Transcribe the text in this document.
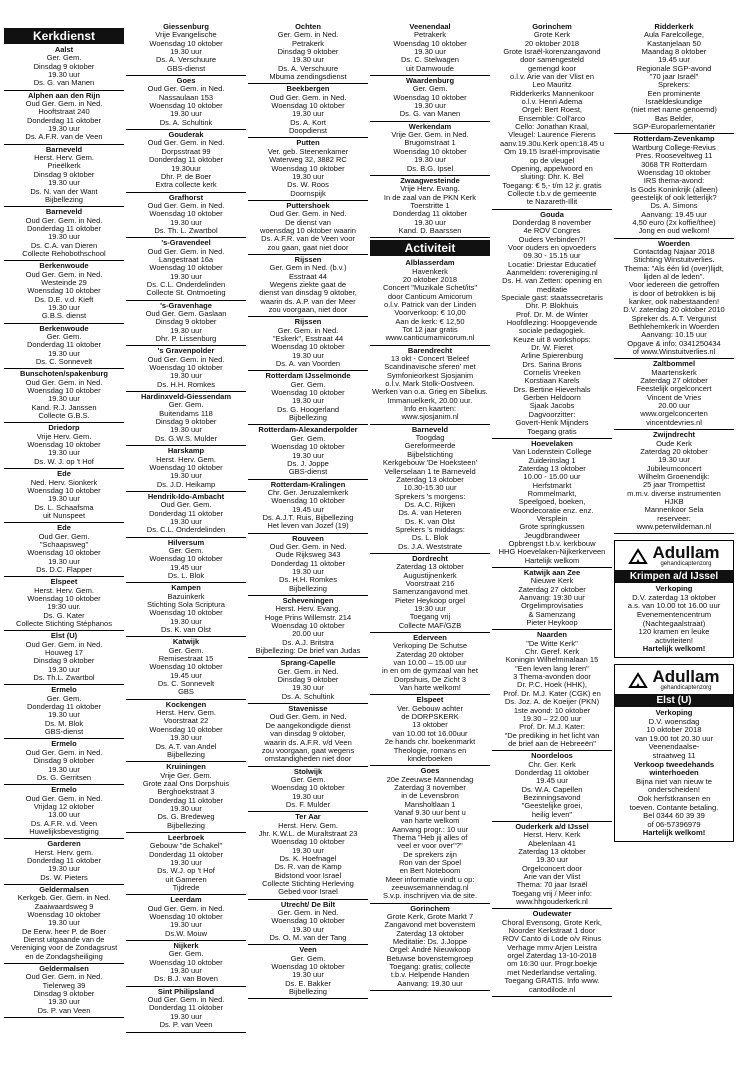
Kerkdienst
Aalst
Ger. Gem.
Dinsdag 9 oktober
19.30 uur
Ds. G. van Manen
Alphen aan den Rijn
Oud Ger. Gem. in Ned.
Hooftstraat 240
Donderdag 11 oktober
19.30 uur
Ds. A.F.R. van de Veen
Barneveld
Herst. Herv. Gem.
Prieëlkerk
Dinsdag 9 oktober
19.30 uur
Ds. N. van der Want
Bijbellezing
Barneveld
Oud Ger. Gem. in Ned.
Donderdag 11 oktober
19.30 uur
Ds. C.A. van Dieren
Collecte Rehobothschool
Berkenwoude
Oud Ger. Gem. in Ned.
Westeinde 29
Woensdag 10 oktober
Ds. D.E. v.d. Kieft
19.30 uur
G.B.S. dienst
Berkenwoude
Ger. Gem.
Donderdag 11 oktober
19.30 uur
Ds. C. Sonnevelt
Bunschoten/spakenburg
Oud Ger. Gem. in Ned.
Woensdag 10 oktober
19.30 uur
Kand. R.J. Janssen
Collecte G.B.S.
Driedorp
Vrije Herv. Gem.
Woensdag 10 oktober
19.30 uur
Ds. W. J. op 't Hof
Ede
Ned. Herv. Sionkerk
Woensdag 10 oktober
19.30 uur
Ds. L. Schaafsma
uit Nunspeet
Ede
Oud Ger. Gem.
"Schaapsweg"
Woensdag 10 oktober
19.30 uur
Ds. D.C. Flapper
Elspeet
Herst. Herv. Gem.
Woensdag 10 oktober
19:30 uur.
Ds. G. Kater
Collecte Stichting Stéphanos
Elst (U)
Oud Ger. Gem. in Ned.
Houweg 17
Dinsdag 9 oktober
19.30 uur
Ds. Th.L. Zwartbol
Ermelo
Ger. Gem.
Donderdag 11 oktober
19.30 uur
Ds. M. Blok
GBS-dienst
Ermelo
Oud Ger. Gem. in Ned.
Dinsdag 9 oktober
19.30 uur
Ds. G. Gerritsen
Ermelo
Oud Ger. Gem. in Ned.
Vrijdag 12 oktober
13.00 uur
Ds. A.F.R. v.d. Veen
Huwelijksbevestiging
Garderen
Herst. Herv. gem.
Donderdag 11 oktober
19.30 uur
Ds. W. Pieters
Geldermalsen
Kerkgeb. Ger. Gem. in Ned.
Zaaiwaardsweg 9
Woensdag 10 oktober
19.30 uur
De Eerw. heer P. de Boer
Dienst uitgaande van de
Vereniging voor de Zondagsrust
en de Zondagsheiliging
Geldermalsen
Oud Ger. Gem. in Ned.
Tielerweg 39
Dinsdag 9 oktober
19.30 uur
Ds. P. van Veen
Giessenburg
Vrije Evangelische
Woensdag 10 oktober
19.30 uur
Ds. A. Verschuure
GBS-dienst
Goes
Oud Ger. Gem. in Ned.
Nassaulaan 153
Woensdag 10 oktober
19.30 uur
Ds. A. Schultink
Gouderak
Oud Ger. Gem. in Ned.
Dorpsstraat 99
Donderdag 11 oktober
19.30uur
Dhr. P. de Boer
Extra collecte kerk
Grafhorst
Oud Ger. Gem. in Ned.
Woensdag 10 oktober
19.30 uur
Ds. Th. L. Zwartbol
's-Gravendeel
Oud Ger. Gem. in Ned.
Langestraat 16a
Woensdag 10 oktober
19.30 uur
Ds. C.L. Onderdelinden
Collecte St. Ontmoeting
's-Gravenhage
Oud Ger. Gem. Gaslaan
Dinsdag 9 oktober
19.30 uur
Dhr. P. Lissenburg
's Gravenpolder
Oud Ger. Gem. in Ned.
Woensdag 10 oktober
19.30 uur
Ds. H.H. Romkes
Hardinxveld-Giessendam
Ger. Gem.
Buitendams 118
Dinsdag 9 oktober
19.30 uur
Ds. G.W.S. Mulder
Harskamp
Herst. Herv. Gem.
Woensdag 10 oktober
19.30 uur
Ds. J.D. Heikamp
Hendrik-Ido-Ambacht
Oud Ger. Gem.
Donderdag 11 oktober
19.30 uur
Ds. C.L. Onderdelinden
Hilversum
Ger. Gem.
Woensdag 10 oktober
19.45 uur
Ds. L. Blok
Kampen
Bazuinkerk
Stichting Sola Scriptura
Woensdag 10 oktober
19.30 uur
Ds. K. van Olst
Katwijk
Ger. Gem.
Remisestraat 15
Woensdag 10 oktober
19.45 uur
Ds. C. Sonnevelt
GBS
Kockengen
Herst. Herv. Gem.
Voorstraat 22
Woensdag 10 oktober
19.30 uur
Ds. A.T. van Andel
Bijbellezing
Kruiningen
Vrije Ger. Gem.
Grote zaal Ons Dorpshuis
Berghoekstraat 3
Donderdag 11 oktober
19.30 uur
Ds. G. Bredeweg
Bijbellezing
Leerbroek
Gebouw "de Schakel"
Donderdag 11 oktober
19.30 uur
Ds. W.J. op 't Hof
uit Gameren
Tijdrede
Leerdam
Oud Ger. Gem. in Ned.
Woensdag 10 oktober
19.30 uur
Ds.W. Mouw
Nijkerk
Ger. Gem.
Woensdag 10 oktober
19.30 uur
Ds. B.J. van Boven
Sint Philipsland
Oud Ger. Gem. in Ned.
Donderdag 11 oktober
19.30 uur
Ds. P. van Veen
Ochten
Ger. Gem. in Ned.
Petrakerk
Dinsdag 9 oktober
19.30 uur
Ds. A. Verschuure
Mbuma zendingsdienst
Beekbergen
Oud Ger. Gem. in Ned.
Woensdag 10 oktober
19.30 uur
Ds. A. Kort
Doopdienst
Putten
Ver. geb. Steenenkamer
Waterweg 32, 3882 RC
Woensdag 10 oktober
19.30 uur
Ds. W. Roos
Doornspijk
Puttershoek
Oud Ger. Gem. in Ned.
De dienst van
woensdag 10 oktober waarin
Ds. A.F.R. van de Veen voor
zou gaan, gaat niet door
Rijssen
Ger. Gem in Ned. (b.v.)
Esstraat 44
Wegens ziekte gaat de
dienst van dinsdag 9 oktober,
waarin ds. A.P. van der Meer
zou voorgaan, niet door
Rijssen
Ger. Gem. in Ned.
"Eskerk", Esstraat 44
Woensdag 10 oktober
19.30 uur
Ds. A. van Voorden
Rotterdam IJsselmonde
Ger. Gem.
Woensdag 10 oktober
19.30 uur
Ds. G. Hoogerland
Bijbellezing
Rotterdam-Alexanderpolder
Ger. Gem.
Woensdag 10 oktober
19.30 uur
Ds. J. Joppe
GBS-dienst
Rotterdam-Kralingen
Chr. Ger. Jeruzalemkerk
Woensdag 10 oktober
19.45 uur
Ds. A.J.T. Ruis, Bijbellezing
Het leven van Jozef (19)
Rouveen
Oud Ger. Gem. in Ned.
Oude Rijksweg 343
Donderdag 11 oktober
19.30 uur
Ds. H.H. Romkes
Bijbellezing
Scheveningen
Herst. Herv. Evang.
Hoge Prins Willemstr. 214
Woensdag 10 oktober
20.00 uur
Ds. A.J. Britstra
Bijbellezing: De brief van Judas
Sprang-Capelle
Ger. Gem. in Ned.
Dinsdag 9 oktober
19.30 uur
Ds. A. Schultink
Stavenisse
Oud Ger. Gem. in Ned.
De aangekondigde dienst
van dinsdag 9 oktober,
waarin ds. A.F.R. v/d Veen
zou voorgaan, gaat wegens
omstandigheden niet door
Stolwijk
Ger. Gem.
Woensdag 10 oktober
19.30 uur
Ds. F. Mulder
Ter Aar
Herst. Herv. Gem.
Jhr. K.W.L. de Muraltstraat 23
Woensdag 10 oktober
19.30 uur
Ds. K. Hoefnagel
Ds. R. van de Kamp
Bidstond voor Israel
Collecte Stichting Herleving
Gebed voor Israel
Utrecht/ De Bilt
Ger. Gem. in Ned.
Woensdag 10 oktober
19.30 uur
Ds. O. M. van der Tang
Veen
Ger. Gem.
Woensdag 10 oktober
19.30 uur
Ds. E. Bakker
Bijbellezing
Veenendaal
Petrakerk
Woensdag 10 oktober
19.30 uur
Ds. C. Stelwagen
uit Damwoude
Waardenburg
Ger. Gem.
Woensdag 10 oktober
19.30 uur
Ds. G. van Manen
Werkendam
Vrije Ger. Gem. in Ned.
Brugomstraat 1
Woensdag 10 oktober
19.30 uur
Ds. B.G. Ipsel
Zwaagwesteinde
Vrije Herv. Evang.
In de zaal van de PKN Kerk
Toerstritte 1
Donderdag 11 oktober
19.30 uur
Kand. D. Baarssen
Activiteit
Alblasserdam
Havenkerk
20 oktober 2018
Concert "Muzikale Schet/its"
door Canticum Amicorum
o.l.v. Patrick van der Linden
Voorverkoop: € 10,00
Aan de kerk: € 12,50
Tot 12 jaar gratis
www.canticumamicorum.nl
Barendrecht
13 okt - Concert 'Beleef
Scandinavische sferen' met
Symfonieorkest Sjosjanim
o.l.v. Mark Stolk-Oostveen.
Werken van o.a. Grieg en Sibelius.
Immanuelkerk, 20.00 uur.
Info en kaarten:
www.sjosjanim.nl
Barneveld
Toogdag
Gereformeerde
Bijbelstichting
Kerkgebouw 'De Hoeksteen'
Vellerselaan 1 te Barneveld
Zaterdag 13 oktober
10.30-15.30 uur
Sprekers 's morgens:
Ds. A.C. Rijken
Ds. A. van Heteren
Ds. K. van Olst
Sprekers 's middags:
Ds. L. Blok
Ds. J.A. Weststrate
Dordrecht
Zaterdag 13 oktober
Augustijnenkerk
Voorstraat 216
Samenzangavond met
Pieter Heykoop orgel
19:30 uur
Toegang vrij
Collecte MAF/GZB
Ederveen
Verkoping De Schutse
Zaterdag 20 oktober
van 10.00 – 15.00 uur
in en om de gymzaal van het
Dorpshuis, De Zicht 3
Van harte welkom!
Elspeet
Ver. Gebouw achter
de DORPSKERK
13 oktober
van 10.00 tot 16.00uur
2e hands chr. boekenmarkt
Theologie, romans en
kinderboeken
Goes
20e Zeeuwse Mannendag
Zaterdag 3 november
in de Levensbron
Mansholtlaan 1
Vanaf 9.30 uur bent u
van harte welkom
Aanvang progr.: 10 uur
Thema "Heb jij alles of
veel er voor over"?"
De sprekers zijn
Ron van der Spoel
en Bert Noteboom
Meer informatie vindt u op:
zeeuwsemannendag.nl
S.v.p. inschrijven via de site.
Gorinchem
Grote Kerk, Grote Markt 7
Zangavond met bovenstem
Zaterdag 13 oktober
Meditatie: Ds. J.Joppe
Orgel: André Nieuwkoop
Betuwse bovenstemgroep
Toegang: gratis; collecte
t.b.v. Helpende Handen
Aanvang: 19.30 uur
Gorinchem
Grote Kerk
20 oktober 2018
Grote Israël-korenzangavond
door samengesteld
gemengd koor
o.l.v. Arie van der Vlist en
Leo Mauritz
Ridderkerks Mannenkoor
o.l.v. Henri Adema
Orgel: Bert Roest,
Ensemble: Coll'arco
Cello: Jonathan Kraal,
Vleugel: Laurence Fierens
aanv.19.30u.Kerk open:18.45 u
Om 19.15 Israël-improvisatie
op de vleugel
Opening, appelwoord en
sluiting: Dhr. K. Bel
Toegang: € 5,- t/m 12 jr. gratis
Collecte t.b.v de gemeente
te Nazareth-Illit
Gouda
Donderdag 8 november
4e ROV Congres
Ouders Verbinden?!
Voor ouders en opvoeders
09.30 - 15.15 uur
Locatie: Driestar Educatief
Aanmelden: rovereniging.nl
Ds. H. van Zetten: opening en
meditatie
Speciale gast: staatssecretaris
Dhr. P. Blokhuis
Prof. Dr. M. de Winter
Hoofdlezing: Hoopgevende
sociale pedagogiek.
Keuze uit 8 workshops:
Dr. W. Fieret
Arline Spierenburg
Drs. Sarina Brons
Cornelis Vreeken
Korstiaan Karels
Drs. Bertine Hieverhals
Gerben Heldoorn
Sjaak Jacobs
Dagvoorzitter:
Govert-Henk Mijnders
Toegang gratis
Hoevelaken
Van Lodenstein College
Zuiderinslag 1
Zaterdag 13 oktober
10.00 - 15.00 uur
Herfstmarkt
Rommelmarkt,
Speelgoed, boeken,
Woondecoratie enz. enz.
Versplein
Grote springkussen
Jeugdbrandweer
Opbrengst t.b.v. kerkbouw
HHG Hoevelaken-Nijkerkerveen
Hartelijk welkom
Katwijk aan Zee
Nieuwe Kerk
Zaterdag 27 oktober
Aanvang: 19:30 uur
Orgelimprovisaties
& Samenzang
Pieter Heykoop
Naarden
"De Witte Kerk"
Chr. Geref. Kerk
Koningin Wilhelminalaan 15
"Een leven lang leren"
3 Thema-avonden door
Dr. P.C. Hoek (HHK),
Prof. Dr. M.J. Kater (CGK) en
Ds. Joz. A. de Koeijer (PKN)
1ste avond: 10 oktober
19.30 – 22.00 uur
Prof. Dr. M.J. Kater:
"De prediking in het licht van
de brief aan de Hebreeën"
Noordeloos
Chr. Ger. Kerk
Donderdag 11 oktober
19.45 uur
Ds. W.A. Capellen
Bezinningsavond
"Geestelijke groei,
heilig leven"
Ouderkerk a/d IJssel
Herst. Herv. Kerk
Abelenlaan 41
Zaterdag 13 oktober
19.30 uur
Orgelconcert door
Arie van der Vlist
Thema: 70 jaar Israël
Toegang vrij / Meer info:
www.hhgouderkerk.nl
Oudewater
Choral Evensong, Grote Kerk,
Noorder Kerkstraat 1 door
ROV Canto di Lode o/v Rinus
Verhage mmv Arjen Leistra
orgel Zaterdag 13-10-2018
om 16:30 uur. Progr.boekje
met Nederlandse vertaling.
Toegang GRATIS. Info www.
cantodilode.nl
Ridderkerk
Aula Farelcollege,
Kastanjelaan 50
Maandag 8 oktober
19.45 uur
Regionale SGP-avond
"70 jaar Israël"
Sprekers:
Een prominente
Israëldeskundige
(niet met name genoemd)
Bas Belder,
SGP-Europarlementariër
Rotterdam-Zevenkamp
Wartburg College-Revius
Pres. Rooseveltweg 11
3068 TR Rotterdam
Woensdag 10 oktober
IRS thema-avond:
Is Gods Koninkrijk (alleen)
geestelijk of ook letterlijk?
Ds. A. Simons
Aanvang: 19.45 uur
4,50 euro (2x koffie/thee)
Jong en oud welkom!
Woerden
Contactdag Najaar 2018
Stichting Winstuitverlies.
Thema: "Als één lid (over)lijdt,
lijden al de leden".
Voor iedereen die getroffen
is door of betrokken is bij
kanker, ook nabestaanden!
D.V. zaterdag 20 oktober 2010
Spreker ds. A.T. Vergunst
Bethlehemkerk in Woerden
Aanvang: 10.15 uur
Opgave & info: 0341250434
of www.Winstuitverlies.nl
Zaltbommel
Maartenskerk
Zaterdag 27 oktober
Feestelijk orgelconcert
Vincent de Vries
20.00 uur
www.orgelconcerten
vincentdevries.nl
Zwijndrecht
Oude Kerk
Zaterdag 20 oktober
19.30 uur
Jubileumconcert
Wilhelm Groenendijk:
25 jaar Trompettist
m.m.v. diverse instrumenten
HJKB
Mannenkoor Sela
reserveer:
www.peterwildeman.nl
Adullam
gehandicaptenzorg
Krimpen a/d IJssel
Verkoping
D.V. zaterdag 13 oktober
a.s. van 10.00 tot 16.00 uur
Evenementencentrum
(Nachtegaalstraat)
120 kramen en leuke
activiteiten!
Hartelijk welkom!
Adullam
gehandicaptenzorg
Elst (U)
Verkoping
D.V. woensdag
10 oktober 2018
van 19.00 tot 20.30 uur
Veenendaalse-
straatweg 11
Verkoop tweedehands
winterhoeden
Bijna niet van nieuw te
onderscheiden!
Ook herfstkransen en
toeven. Contante betaling.
Bel 0344 60 39 39
of 06-57396979
Hartelijk welkom!
